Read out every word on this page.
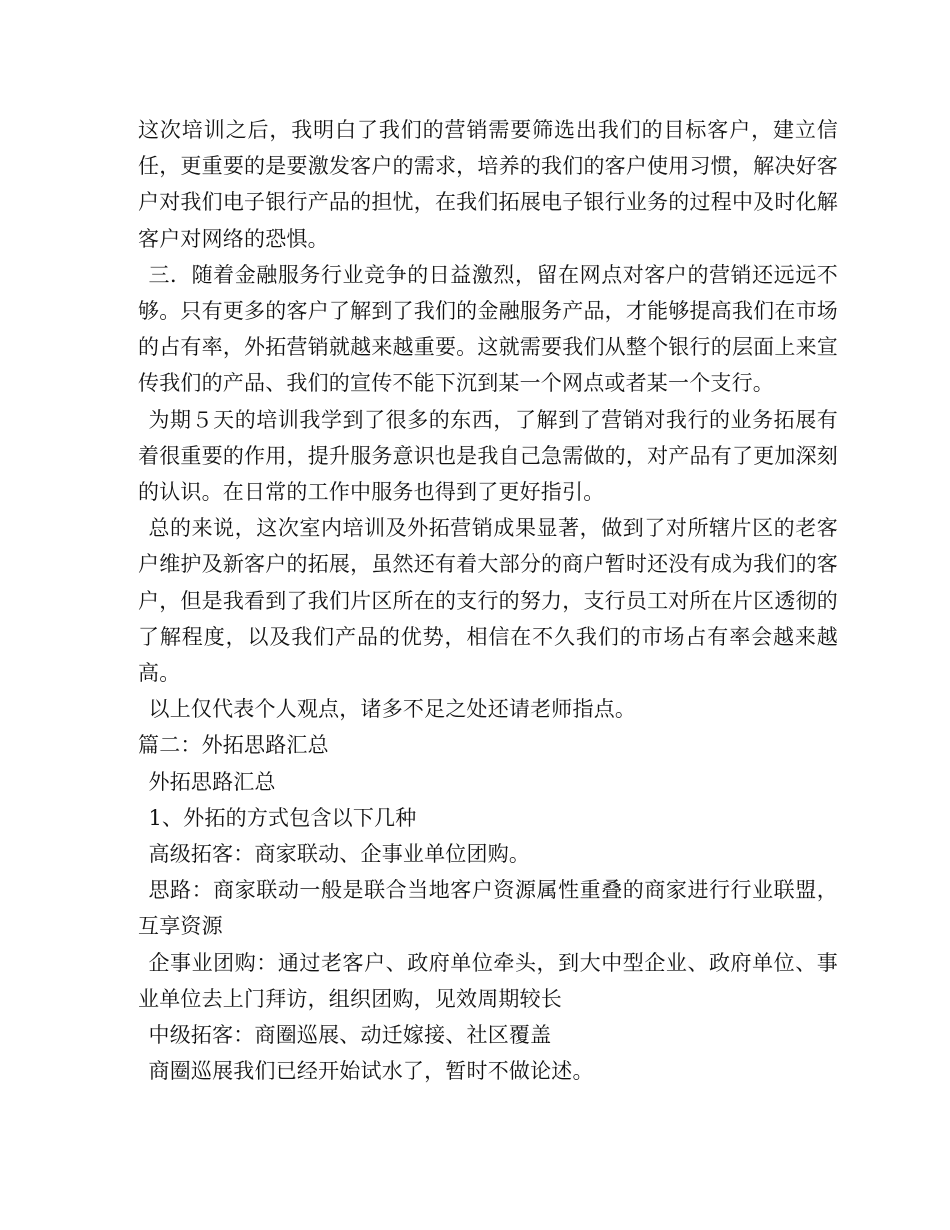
这次培训之后，我明白了我们的营销需要筛选出我们的目标客户，建立信任，更重要的是要激发客户的需求，培养的我们的客户使用习惯，解决好客户对我们电子银行产品的担忧，在我们拓展电子银行业务的过程中及时化解客户对网络的恐惧。

三．随着金融服务行业竞争的日益激烈，留在网点对客户的营销还远远不够。只有更多的客户了解到了我们的金融服务产品，才能够提高我们在市场的占有率，外拓营销就越来越重要。这就需要我们从整个银行的层面上来宣传我们的产品、我们的宣传不能下沉到某一个网点或者某一个支行。

为期５天的培训我学到了很多的东西，了解到了营销对我行的业务拓展有着很重要的作用，提升服务意识也是我自己急需做的，对产品有了更加深刻的认识。在日常的工作中服务也得到了更好指引。

总的来说，这次室内培训及外拓营销成果显著，做到了对所辖片区的老客户维护及新客户的拓展，虽然还有着大部分的商户暂时还没有成为我们的客户，但是我看到了我们片区所在的支行的努力，支行员工对所在片区透彻的了解程度，以及我们产品的优势，相信在不久我们的市场占有率会越来越高。

以上仅代表个人观点，诸多不足之处还请老师指点。

篇二：外拓思路汇总

外拓思路汇总

1、外拓的方式包含以下几种

高级拓客：商家联动、企事业单位团购。

思路：商家联动一般是联合当地客户资源属性重叠的商家进行行业联盟，互享资源

企事业团购：通过老客户、政府单位牵头，到大中型企业、政府单位、事业单位去上门拜访，组织团购，见效周期较长

中级拓客：商圈巡展、动迁嫁接、社区覆盖

商圈巡展我们已经开始试水了，暂时不做论述。
